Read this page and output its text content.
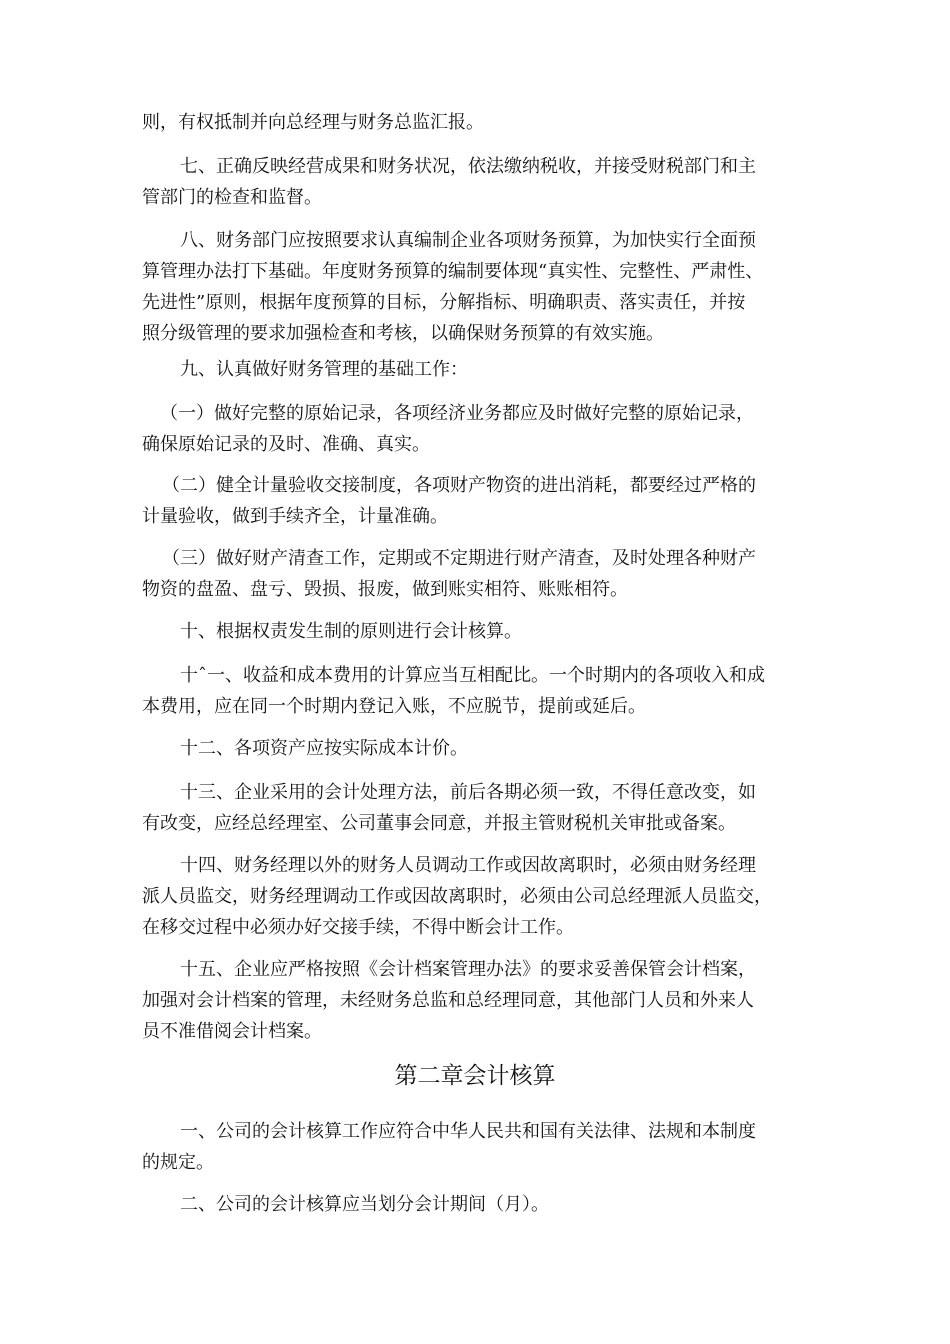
则，有权抵制并向总经理与财务总监汇报。
七、正确反映经营成果和财务状况，依法缴纳税收，并接受财税部门和主
管部门的检查和监督。
八、财务部门应按照要求认真编制企业各项财务预算，为加快实行全面预
算管理办法打下基础。年度财务预算的编制要体现“真实性、完整性、严肃性、
先进性”原则，根据年度预算的目标，分解指标、明确职责、落实责任，并按
照分级管理的要求加强检查和考核，以确保财务预算的有效实施。
九、认真做好财务管理的基础工作：
（一）做好完整的原始记录，各项经济业务都应及时做好完整的原始记录，
确保原始记录的及时、准确、真实。
（二）健全计量验收交接制度，各项财产物资的进出消耗，都要经过严格的
计量验收，做到手续齐全，计量准确。
（三）做好财产清查工作，定期或不定期进行财产清查，及时处理各种财产
物资的盘盈、盘亏、毁损、报废，做到账实相符、账账相符。
十、根据权责发生制的原则进行会计核算。
十ˆ一、收益和成本费用的计算应当互相配比。一个时期内的各项收入和成
本费用，应在同一个时期内登记入账，不应脱节，提前或延后。
十二、各项资产应按实际成本计价。
十三、企业采用的会计处理方法，前后各期必须一致，不得任意改变，如
有改变，应经总经理室、公司董事会同意，并报主管财税机关审批或备案。
十四、财务经理以外的财务人员调动工作或因故离职时，必须由财务经理
派人员监交，财务经理调动工作或因故离职时，必须由公司总经理派人员监交，
在移交过程中必须办好交接手续，不得中断会计工作。
十五、企业应严格按照《会计档案管理办法》的要求妥善保管会计档案，
加强对会计档案的管理，未经财务总监和总经理同意，其他部门人员和外来人
员不准借阅会计档案。
第二章会计核算
一、公司的会计核算工作应符合中华人民共和国有关法律、法规和本制度
的规定。
二、公司的会计核算应当划分会计期间（月）。
